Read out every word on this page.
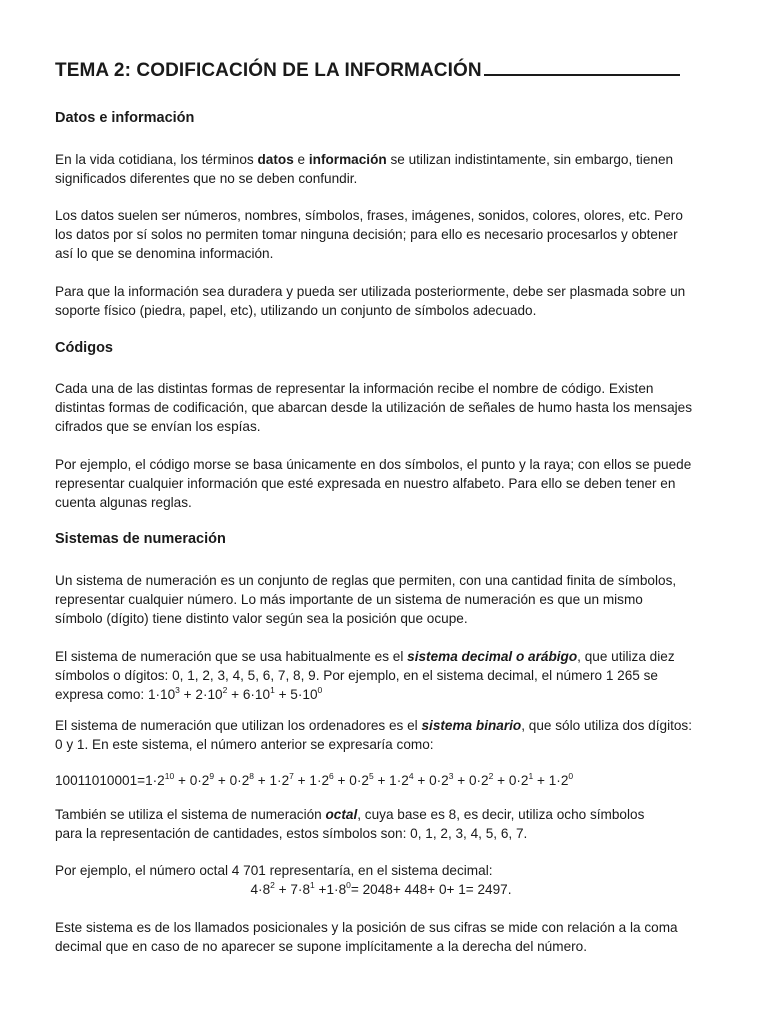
TEMA 2: CODIFICACIÓN DE LA INFORMACIÓN
Datos e información

En la vida cotidiana, los términos datos e información se utilizan indistintamente, sin embargo, tienen
significados diferentes que no se deben confundir.

Los datos suelen ser números, nombres, símbolos, frases, imágenes, sonidos, colores, olores, etc. Pero
los datos por sí solos no permiten tomar ninguna decisión; para ello es necesario procesarlos y obtener
así lo que se denomina información.

Para que la información sea duradera y pueda ser utilizada posteriormente, debe ser plasmada sobre un
soporte físico (piedra, papel, etc), utilizando un conjunto de símbolos adecuado.

Códigos

Cada una de las distintas formas de representar la información recibe el nombre de código. Existen
distintas formas de codificación, que abarcan desde la utilización de señales de humo hasta los mensajes
cifrados que se envían los espías.

Por ejemplo, el código morse se basa únicamente en dos símbolos, el punto y la raya; con ellos se puede
representar cualquier información que esté expresada en nuestro alfabeto. Para ello se deben tener en
cuenta algunas reglas.

Sistemas de numeración

Un sistema de numeración es un conjunto de reglas que permiten, con una cantidad finita de símbolos,
representar cualquier número. Lo más importante de un sistema de numeración es que un mismo
símbolo (dígito) tiene distinto valor según sea la posición que ocupe.

El sistema de numeración que se usa habitualmente es el sistema decimal o arábigo, que utiliza diez
símbolos o dígitos: 0, 1, 2, 3, 4, 5, 6, 7, 8, 9. Por ejemplo, en el sistema decimal, el número 1 265 se
expresa como: $1\cdot 10^3 + 2\cdot 10^2 + 6\cdot 10^1 + 5\cdot 10^0$

El sistema de numeración que utilizan los ordenadores es el sistema binario, que sólo utiliza dos dígitos:
0 y 1. En este sistema, el número anterior se expresaría como:

$10011010001=1\cdot 2^{10} + 0\cdot 2^9 + 0\cdot 2^8 + 1\cdot 2^7 + 1\cdot 2^6 + 0\cdot 2^5 + 1\cdot 2^4 + 0\cdot 2^3 + 0\cdot 2^2 + 0\cdot 2^1 + 1\cdot 2^0$

También se utiliza el sistema de numeración octal, cuya base es 8, es decir, utiliza ocho símbolos
para la representación de cantidades, estos símbolos son: 0, 1, 2, 3, 4, 5, 6, 7.

Por ejemplo, el número octal 4 701 representaría, en el sistema decimal:
$4\cdot 8^2 + 7\cdot 8^1 +1\cdot 8^0= 2048+ 448+ 0+ 1= 2497$.

Este sistema es de los llamados posicionales y la posición de sus cifras se mide con relación a la coma
decimal que en caso de no aparecer se supone implícitamente a la derecha del número.
